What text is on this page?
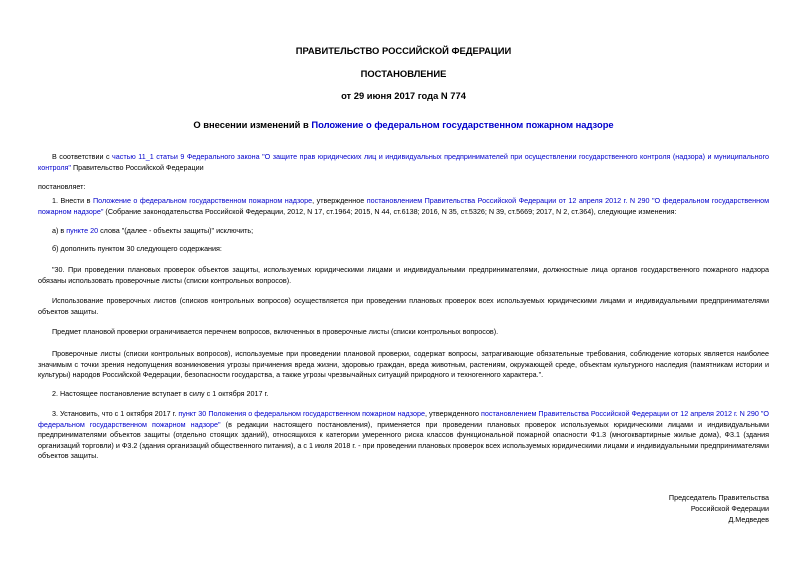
ПРАВИТЕЛЬСТВО РОССИЙСКОЙ ФЕДЕРАЦИИ
ПОСТАНОВЛЕНИЕ
от 29 июня 2017 года N 774
О внесении изменений в Положение о федеральном государственном пожарном надзоре
В соответствии с частью 11_1 статьи 9 Федерального закона "О защите прав юридических лиц и индивидуальных предпринимателей при осуществлении государственного контроля (надзора) и муниципального контроля" Правительство Российской Федерации
постановляет:
1. Внести в Положение о федеральном государственном пожарном надзоре, утвержденное постановлением Правительства Российской Федерации от 12 апреля 2012 г. N 290 "О федеральном государственном пожарном надзоре" (Собрание законодательства Российской Федерации, 2012, N 17, ст.1964; 2015, N 44, ст.6138; 2016, N 35, ст.5326; N 39, ст.5669; 2017, N 2, ст.364), следующие изменения:
а) в пункте 20 слова "(далее - объекты защиты)" исключить;
б) дополнить пунктом 30 следующего содержания:
"30. При проведении плановых проверок объектов защиты, используемых юридическими лицами и индивидуальными предпринимателями, должностные лица органов государственного пожарного надзора обязаны использовать проверочные листы (списки контрольных вопросов).
Использование проверочных листов (списков контрольных вопросов) осуществляется при проведении плановых проверок всех используемых юридическими лицами и индивидуальными предпринимателями объектов защиты.
Предмет плановой проверки ограничивается перечнем вопросов, включенных в проверочные листы (списки контрольных вопросов).
Проверочные листы (списки контрольных вопросов), используемые при проведении плановой проверки, содержат вопросы, затрагивающие обязательные требования, соблюдение которых является наиболее значимым с точки зрения недопущения возникновения угрозы причинения вреда жизни, здоровью граждан, вреда животным, растениям, окружающей среде, объектам культурного наследия (памятникам истории и культуры) народов Российской Федерации, безопасности государства, а также угрозы чрезвычайных ситуаций природного и техногенного характера.".
2. Настоящее постановление вступает в силу с 1 октября 2017 г.
3. Установить, что с 1 октября 2017 г. пункт 30 Положения о федеральном государственном пожарном надзоре, утвержденного постановлением Правительства Российской Федерации от 12 апреля 2012 г. N 290 "О федеральном государственном пожарном надзоре" (в редакции настоящего постановления), применяется при проведении плановых проверок используемых юридическими лицами и индивидуальными предпринимателями объектов защиты (отдельно стоящих зданий), относящихся к категории умеренного риска классов функциональной пожарной опасности Ф1.3 (многоквартирные жилые дома), Ф3.1 (здания организаций торговли) и Ф3.2 (здания организаций общественного питания), а с 1 июля 2018 г. - при проведении плановых проверок всех используемых юридическими лицами и индивидуальными предпринимателями объектов защиты.
Председатель Правительства
Российской Федерации
Д.Медведев
